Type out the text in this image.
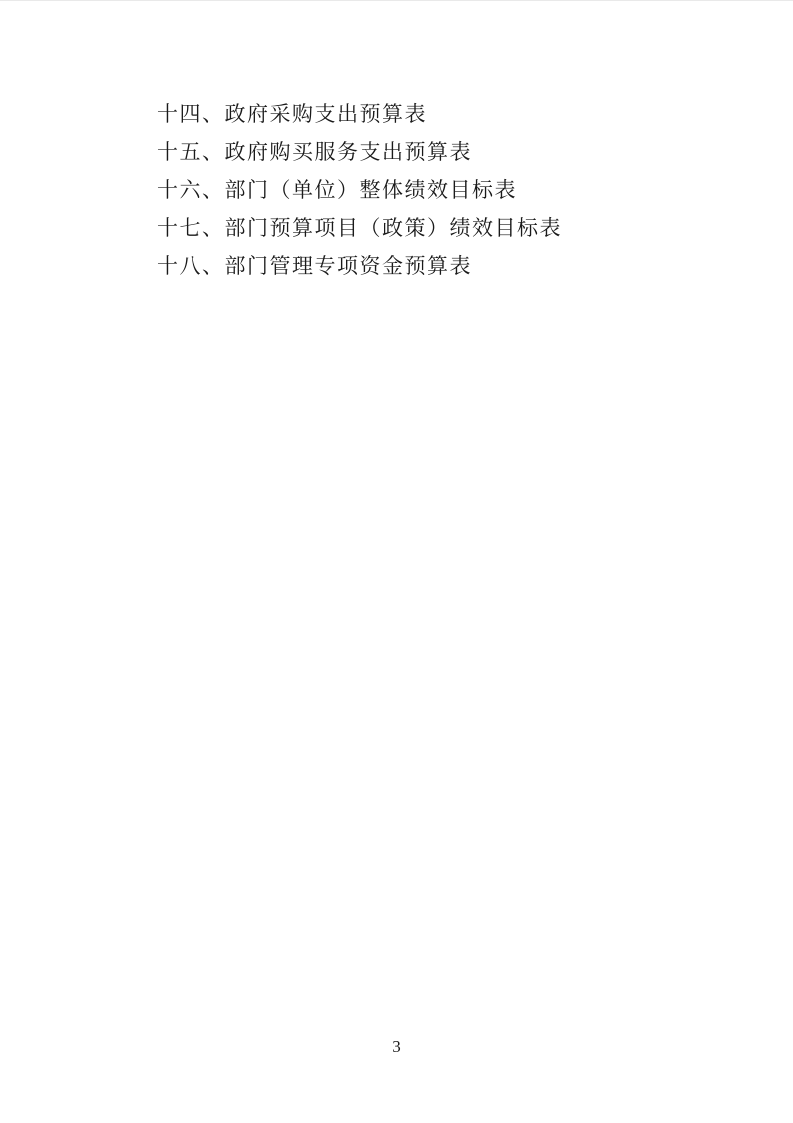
十四、政府采购支出预算表

十五、政府购买服务支出预算表

十六、部门（单位）整体绩效目标表

十七、部门预算项目（政策）绩效目标表

十八、部门管理专项资金预算表

3
